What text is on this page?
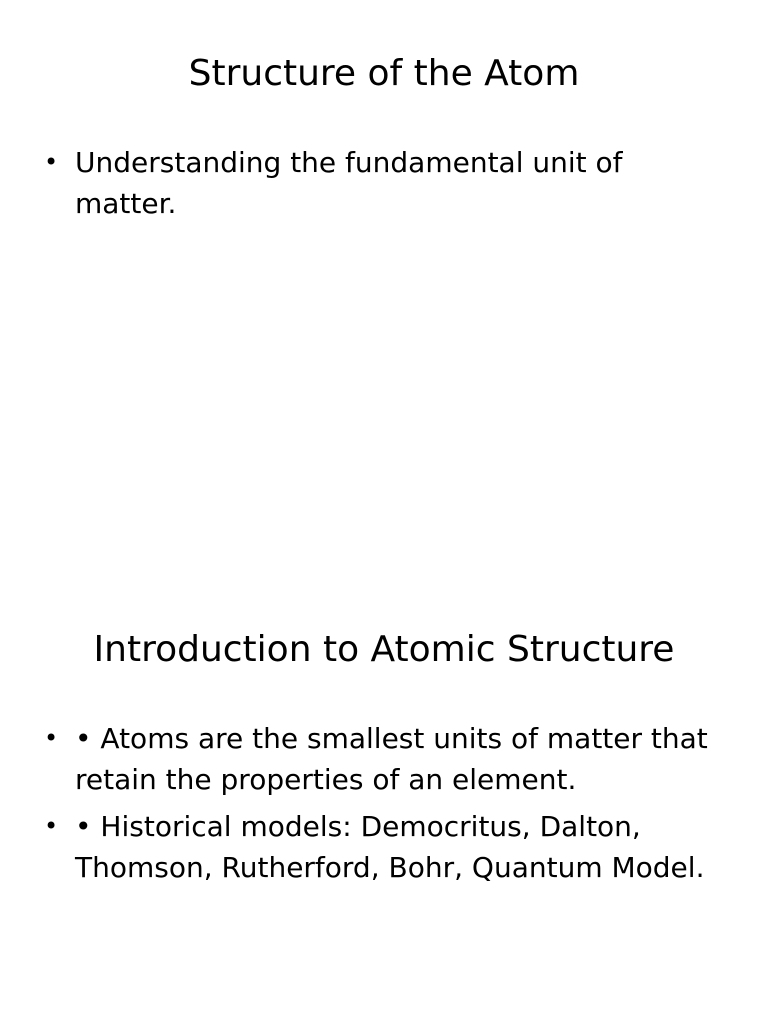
Structure of the Atom
• Understanding the fundamental unit of matter.
Introduction to Atomic Structure
• • Atoms are the smallest units of matter that retain the properties of an element.
• • Historical models: Democritus, Dalton, Thomson, Rutherford, Bohr, Quantum Model.
